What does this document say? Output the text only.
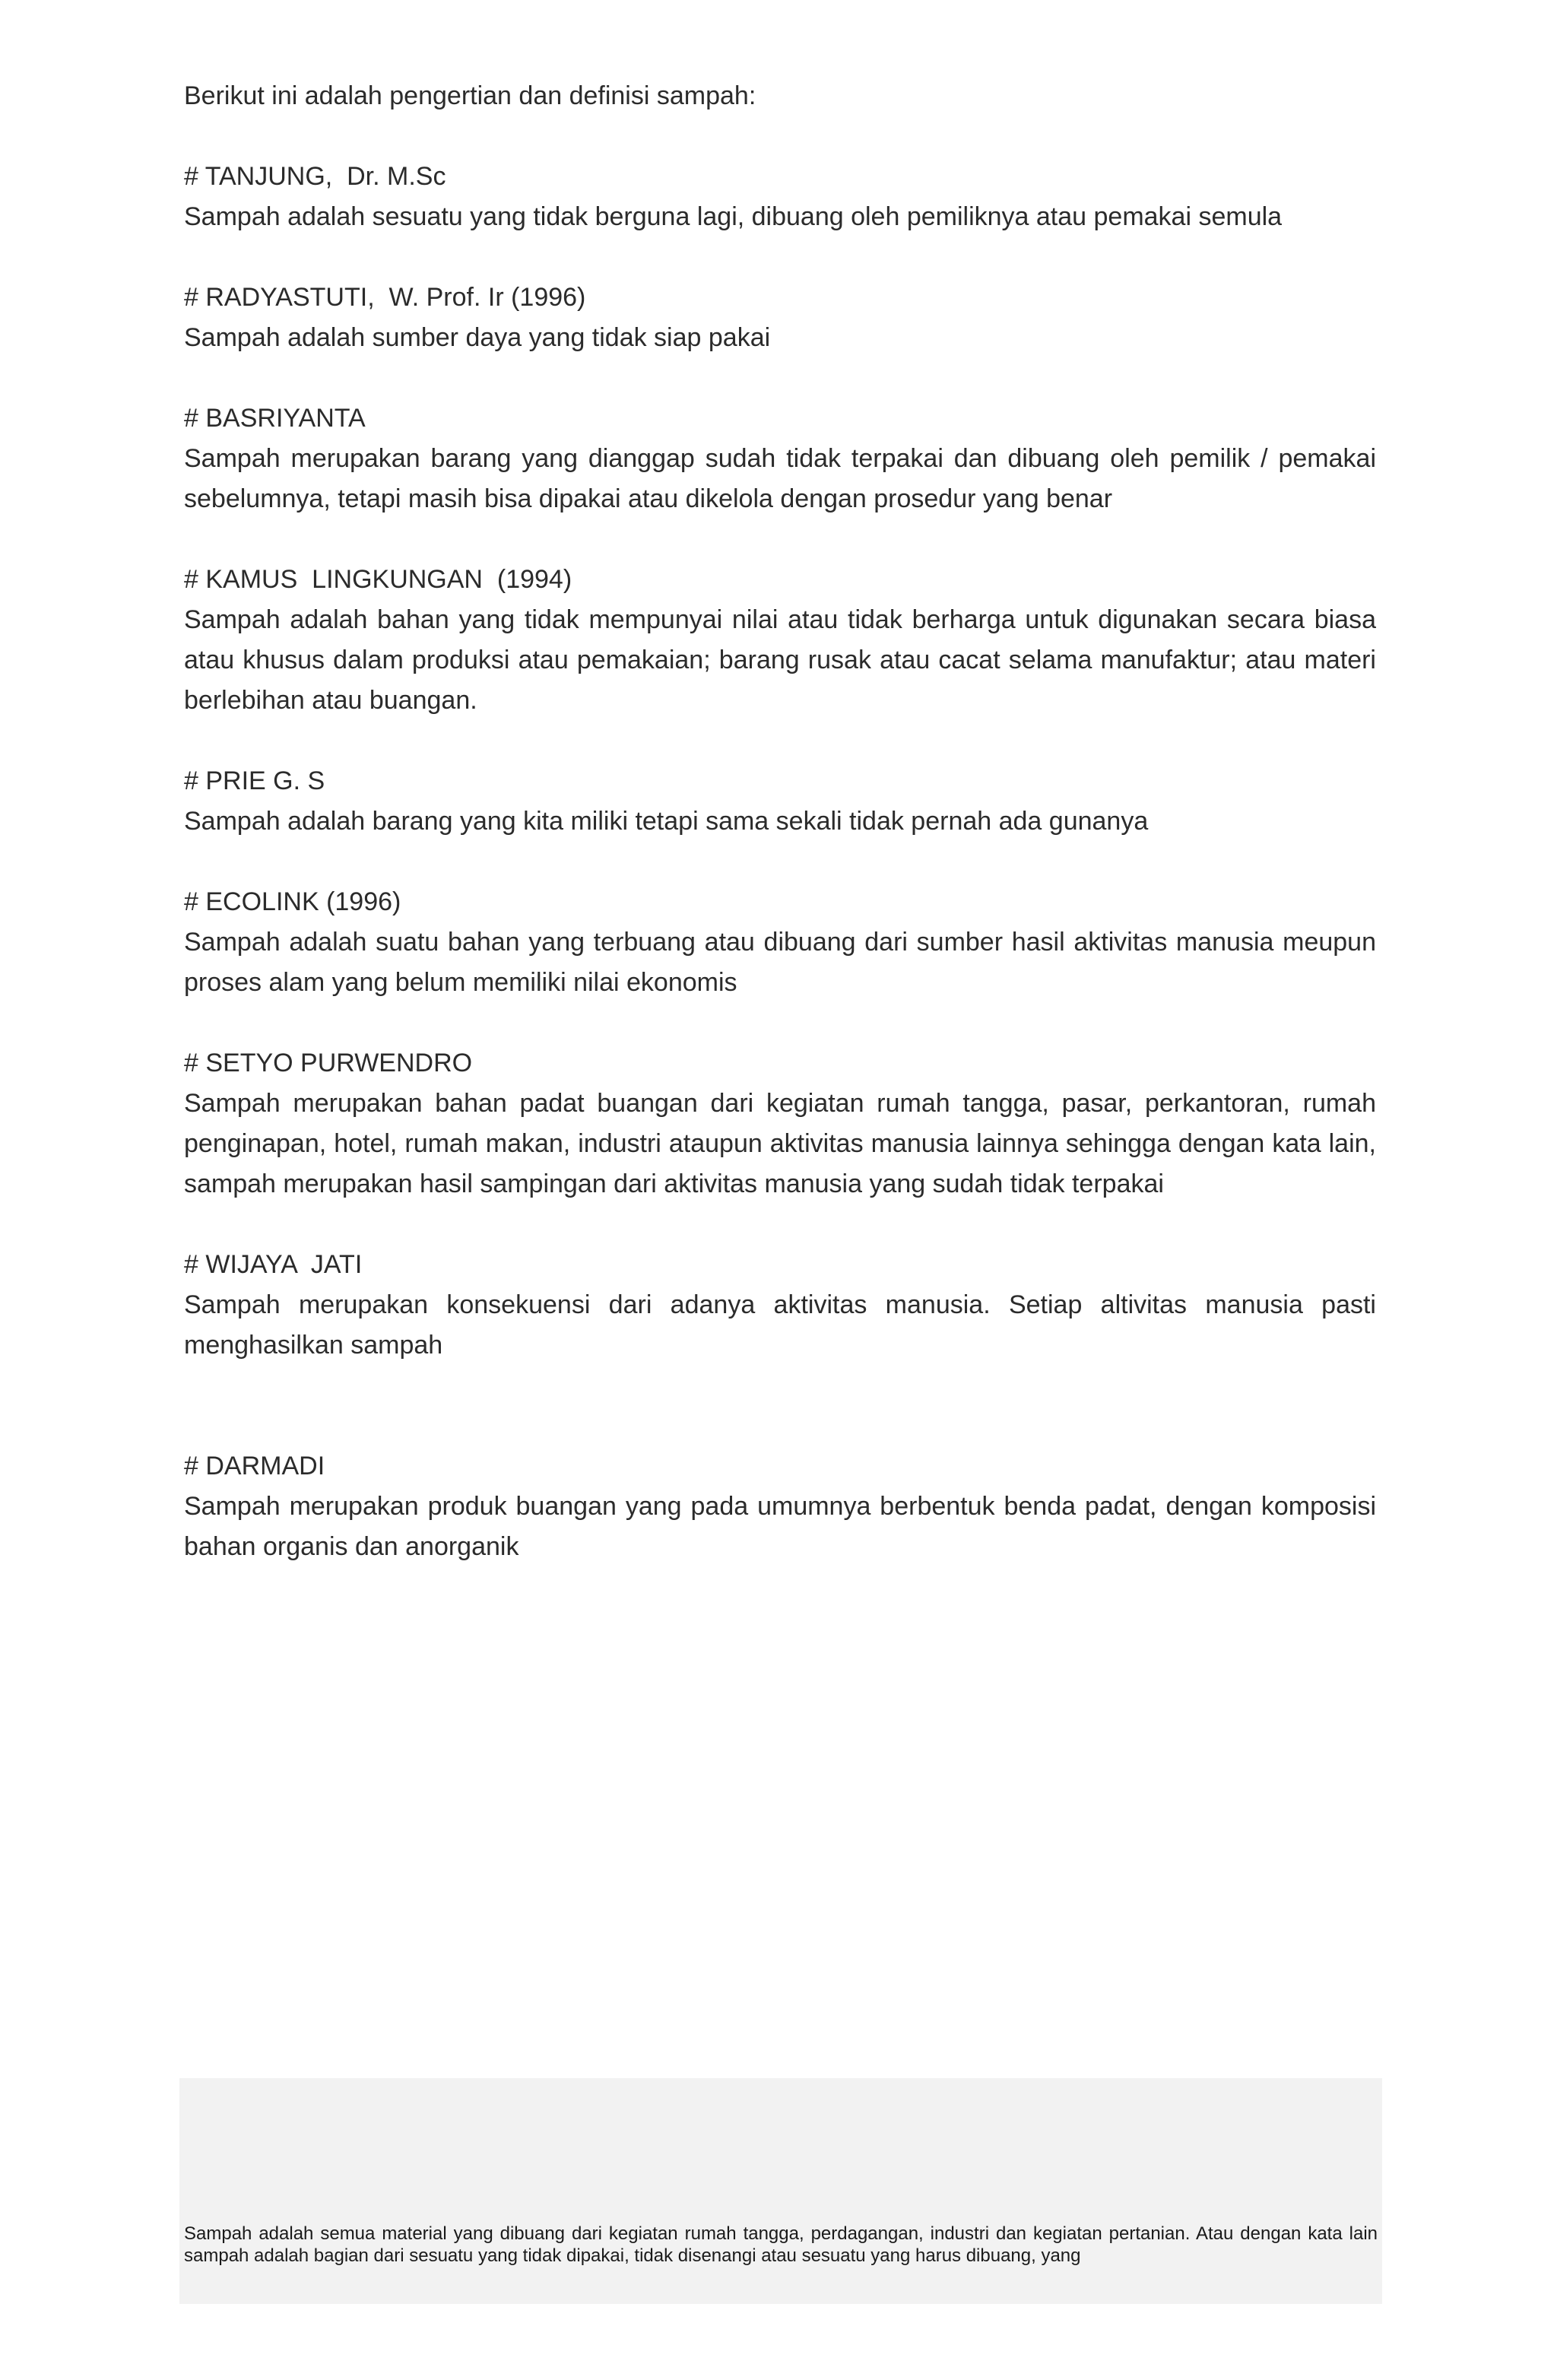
Berikut ini adalah pengertian dan definisi sampah:

# TANJUNG,  Dr. M.Sc

Sampah adalah sesuatu yang tidak berguna lagi, dibuang oleh pemiliknya atau pemakai semula

# RADYASTUTI,  W. Prof. Ir (1996)

Sampah adalah sumber daya yang tidak siap pakai

# BASRIYANTA

Sampah merupakan barang yang dianggap sudah tidak terpakai dan dibuang oleh pemilik / pemakai sebelumnya, tetapi masih bisa dipakai atau dikelola dengan prosedur yang benar

# KAMUS  LINGKUNGAN  (1994)

Sampah adalah bahan yang tidak mempunyai nilai atau tidak berharga untuk digunakan secara biasa atau khusus dalam produksi atau pemakaian; barang rusak atau cacat selama manufaktur; atau materi berlebihan atau buangan.

# PRIE G. S

Sampah adalah barang yang kita miliki tetapi sama sekali tidak pernah ada gunanya

# ECOLINK (1996)

Sampah adalah suatu bahan yang terbuang atau dibuang dari sumber hasil aktivitas manusia meupun proses alam yang belum memiliki nilai ekonomis

# SETYO PURWENDRO

Sampah merupakan bahan padat buangan dari kegiatan rumah tangga, pasar, perkantoran, rumah penginapan, hotel, rumah makan, industri ataupun aktivitas manusia lainnya sehingga dengan kata lain, sampah merupakan hasil sampingan dari aktivitas manusia yang sudah tidak terpakai

# WIJAYA  JATI

Sampah merupakan konsekuensi dari adanya aktivitas manusia. Setiap altivitas manusia pasti menghasilkan sampah

# DARMADI

Sampah merupakan produk buangan yang pada umumnya berbentuk benda padat, dengan komposisi bahan organis dan anorganik

Sampah adalah semua material yang dibuang dari kegiatan rumah tangga, perdagangan, industri dan kegiatan pertanian. Atau dengan kata lain sampah adalah bagian dari sesuatu yang tidak dipakai, tidak disenangi atau sesuatu yang harus dibuang, yang
